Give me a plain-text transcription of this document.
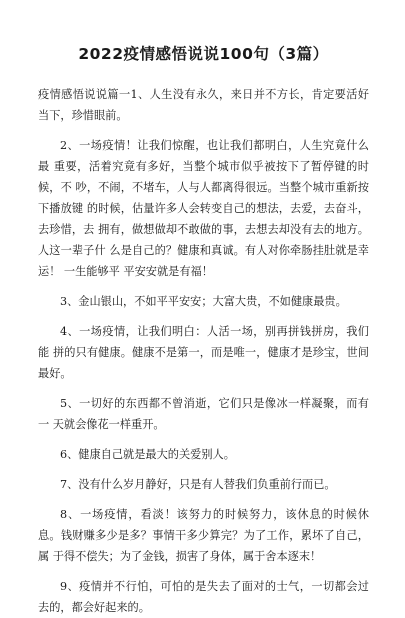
2022疫情感悟说说100句（3篇）

疫情感悟说说篇一1、人生没有永久，来日并不方长，肯定要活好当下，珍惜眼前。

2、一场疫情！让我们惊醒，也让我们都明白，人生究竟什么最 重要，活着究竟有多好，当整个城市似乎被按下了暂停键的时候，不 吵，不闹，不堵车，人与人都离得很远。当整个城市重新按下播放键 的时候，估量许多人会转变自己的想法，去爱，去奋斗，去珍惜，去 拥有，做想做却不敢做的事，去想去却没有去的地方。人这一辈子什 么是自己的？健康和真诚。有人对你牵肠挂肚就是幸运！ 一生能够平 平安安就是有福！

3、金山银山，不如平平安安；大富大贵，不如健康最贵。

4、一场疫情，让我们明白：人活一场，别再拼钱拼房，我们能 拼的只有健康。健康不是第一，而是唯一，健康才是珍宝，世间最好。

5、一切好的东西都不曾消逝，它们只是像冰一样凝聚，而有一 天就会像花一样重开。

6、健康自己就是最大的关爱别人。

7、没有什么岁月静好，只是有人替我们负重前行而已。

8、一场疫情，看淡！该努力的时候努力，该休息的时候休 息。钱财赚多少是多？事情干多少算完？为了工作，累坏了自己，属 于得不偿失；为了金钱，损害了身体，属于舍本逐末！

9、疫情并不行怕，可怕的是失去了面对的士气，一切都会过去的，都会好起来的。
